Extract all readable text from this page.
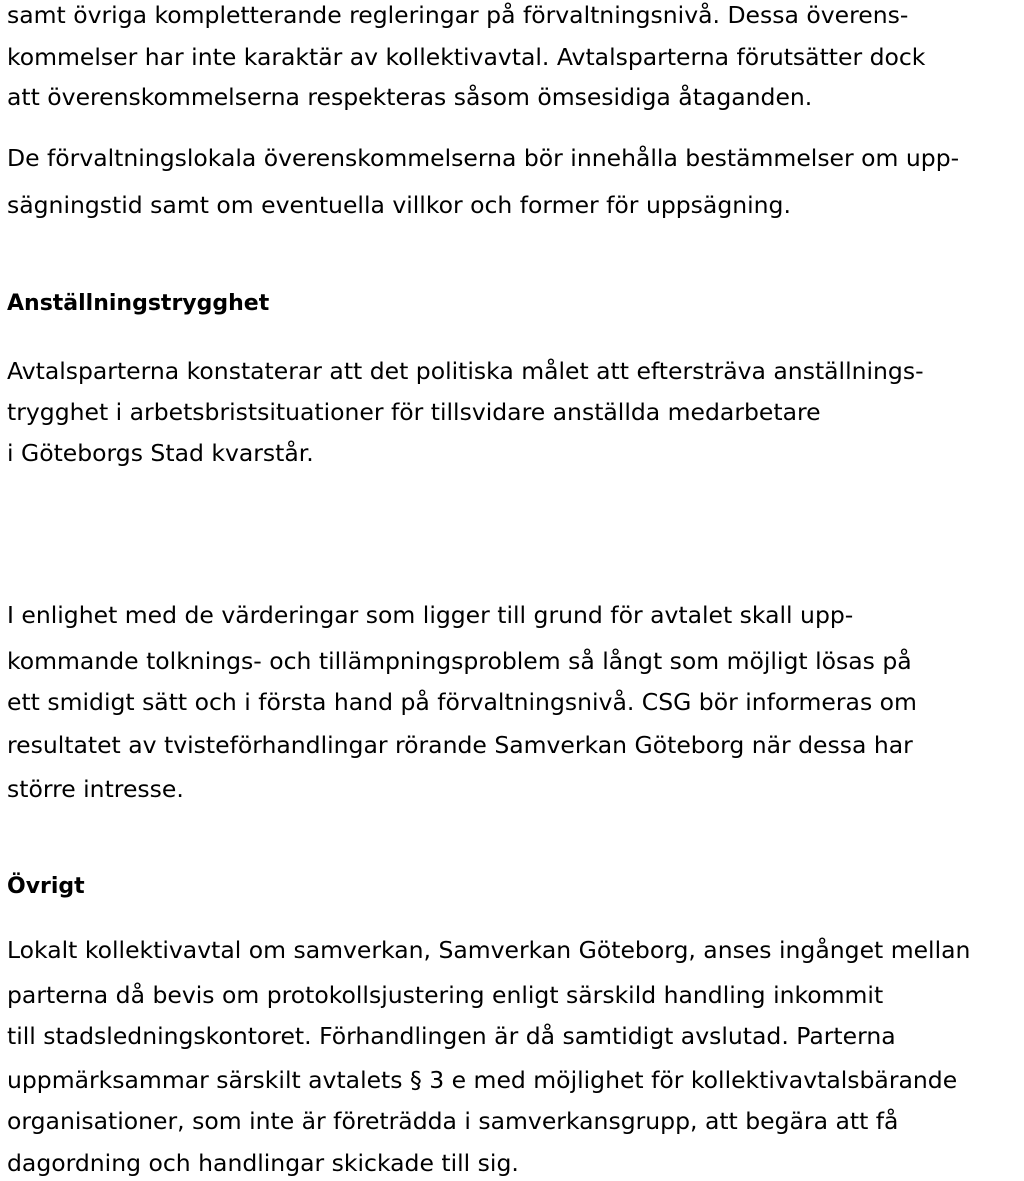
samt övriga kompletterande regleringar på förvaltningsnivå. Dessa överens-

kommelser har inte karaktär av kollektivavtal. Avtalsparterna förutsätter dock

att överenskommelserna respekteras såsom ömsesidiga åtaganden.

De förvaltningslokala överenskommelserna bör innehålla bestämmelser om upp-

sägningstid samt om eventuella villkor och former för uppsägning.

Anställningstrygghet

Avtalsparterna konstaterar att det politiska målet att eftersträva anställnings-

trygghet i arbetsbristsituationer för tillsvidare anställda medarbetare

i Göteborgs Stad kvarstår.

I enlighet med de värderingar som ligger till grund för avtalet skall upp-

kommande tolknings- och tillämpningsproblem så långt som möjligt lösas på

ett smidigt sätt och i första hand på förvaltningsnivå. CSG bör informeras om

resultatet av tvisteförhandlingar rörande Samverkan Göteborg när dessa har

större intresse.

Övrigt

Lokalt kollektivavtal om samverkan, Samverkan Göteborg, anses ingånget mellan

parterna då bevis om protokollsjustering enligt särskild handling inkommit

till stadsledningskontoret. Förhandlingen är då samtidigt avslutad. Parterna

uppmärksammar särskilt avtalets § 3 e med möjlighet för kollektivavtalsbärande

organisationer, som inte är företrädda i samverkansgrupp, att begära att få

dagordning och handlingar skickade till sig.
